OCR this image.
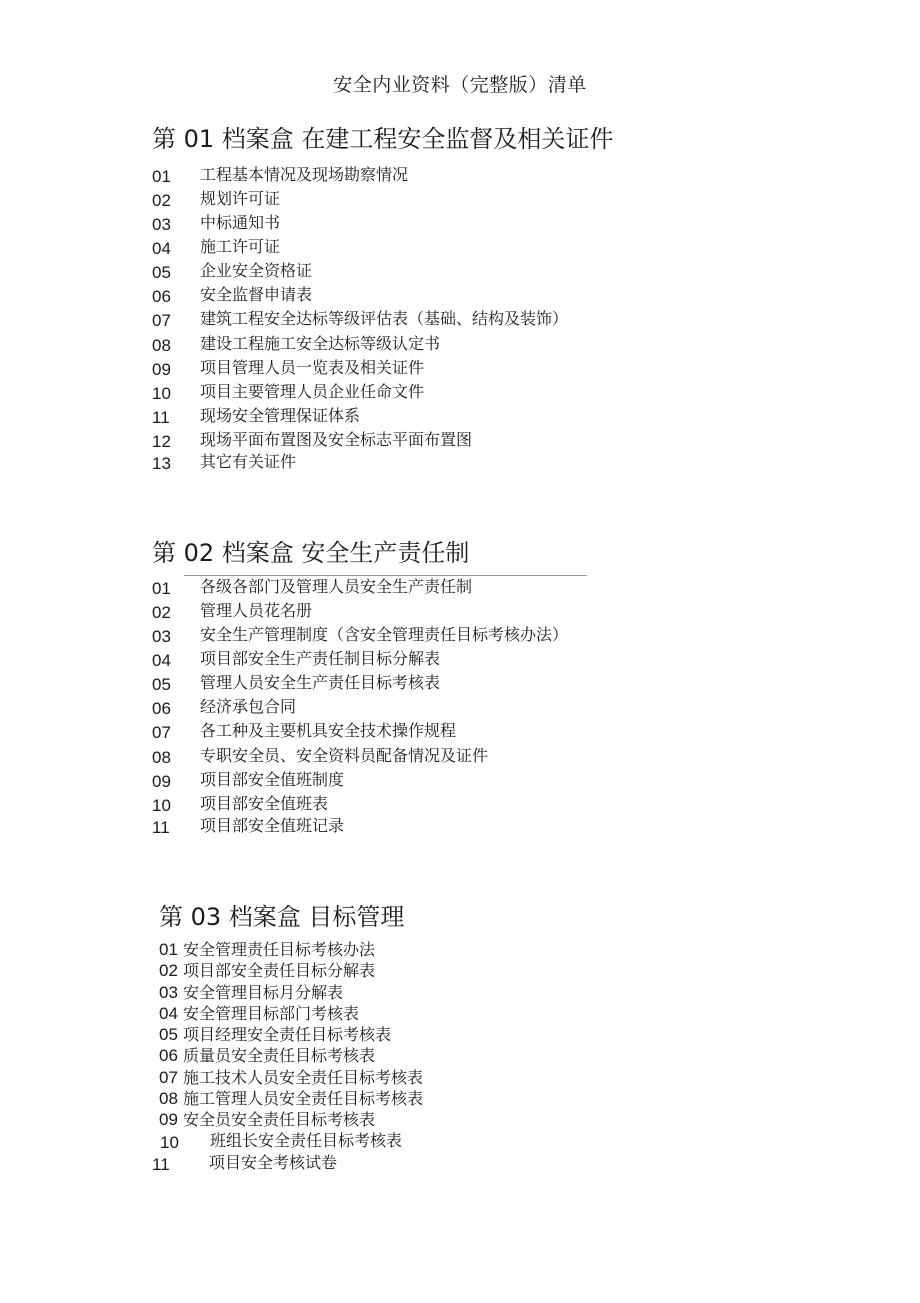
安全内业资料（完整版）清单
第 01 档案盒 在建工程安全监督及相关证件
01 工程基本情况及现场勘察情况
02 规划许可证
03 中标通知书
04 施工许可证
05 企业安全资格证
06 安全监督申请表
07 建筑工程安全达标等级评估表（基础、结构及装饰）
08 建设工程施工安全达标等级认定书
09 项目管理人员一览表及相关证件
10 项目主要管理人员企业任命文件
11 现场安全管理保证体系
12 现场平面布置图及安全标志平面布置图
13 其它有关证件
第 02 档案盒 安全生产责任制
01 各级各部门及管理人员安全生产责任制
02 管理人员花名册
03 安全生产管理制度（含安全管理责任目标考核办法）
04 项目部安全生产责任制目标分解表
05 管理人员安全生产责任目标考核表
06 经济承包合同
07 各工种及主要机具安全技术操作规程
08 专职安全员、安全资料员配备情况及证件
09 项目部安全值班制度
10 项目部安全值班表
11 项目部安全值班记录
第 03 档案盒 目标管理
01 安全管理责任目标考核办法
02 项目部安全责任目标分解表
03 安全管理目标月分解表
04 安全管理目标部门考核表
05 项目经理安全责任目标考核表
06 质量员安全责任目标考核表
07 施工技术人员安全责任目标考核表
08 施工管理人员安全责任目标考核表
09 安全员安全责任目标考核表
10 班组长安全责任目标考核表
11 项目安全考核试卷
